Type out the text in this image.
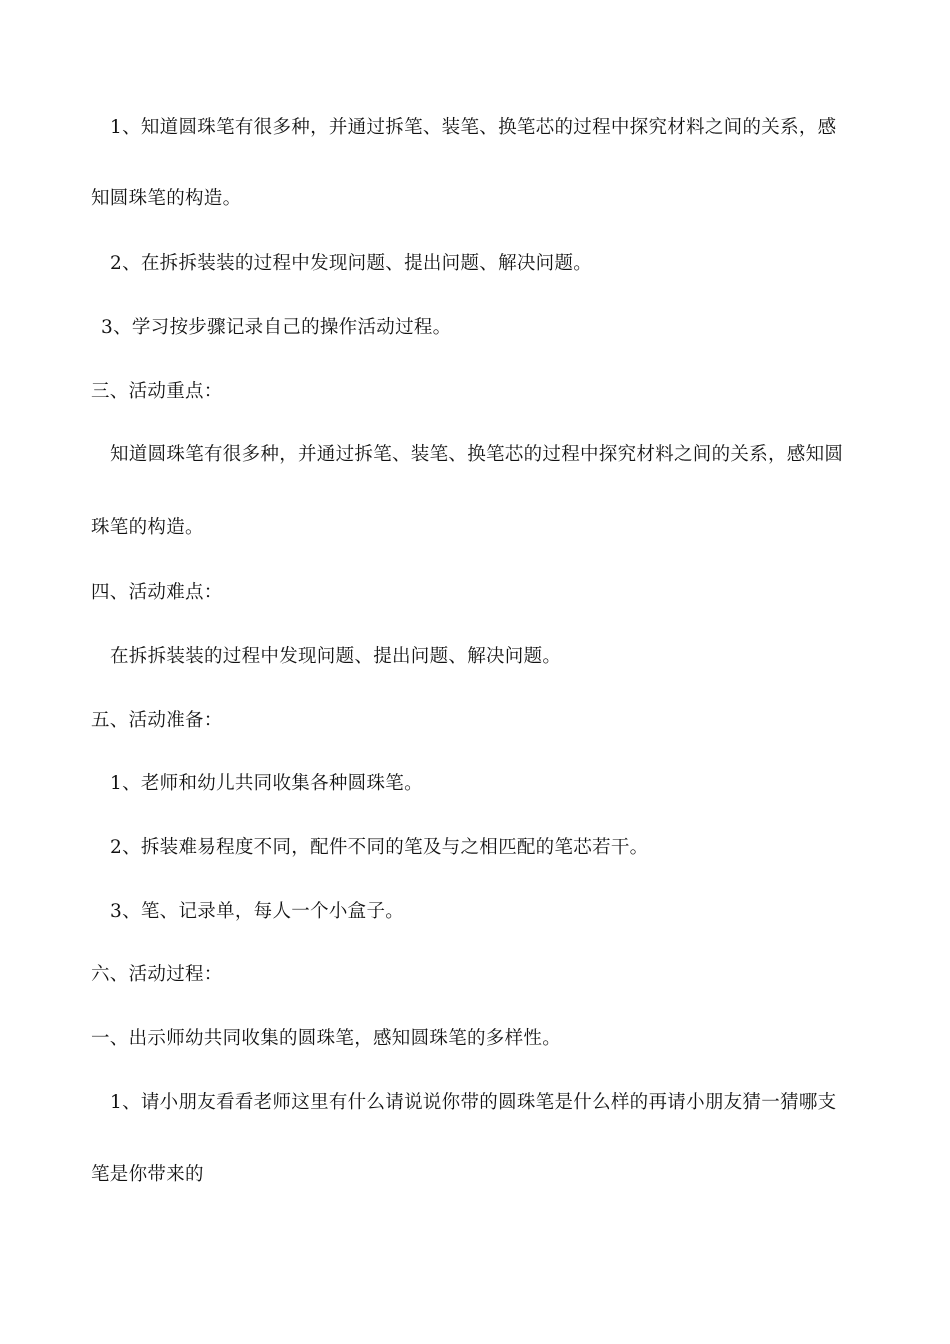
1、知道圆珠笔有很多种，并通过拆笔、装笔、换笔芯的过程中探究材料之间的关系，感
知圆珠笔的构造。
2、在拆拆装装的过程中发现问题、提出问题、解决问题。
3、学习按步骤记录自己的操作活动过程。
三、活动重点：
知道圆珠笔有很多种，并通过拆笔、装笔、换笔芯的过程中探究材料之间的关系，感知圆
珠笔的构造。
四、活动难点：
在拆拆装装的过程中发现问题、提出问题、解决问题。
五、活动准备：
1、老师和幼儿共同收集各种圆珠笔。
2、拆装难易程度不同，配件不同的笔及与之相匹配的笔芯若干。
3、笔、记录单，每人一个小盒子。
六、活动过程：
一、出示师幼共同收集的圆珠笔，感知圆珠笔的多样性。
1、请小朋友看看老师这里有什么请说说你带的圆珠笔是什么样的再请小朋友猜一猜哪支
笔是你带来的
